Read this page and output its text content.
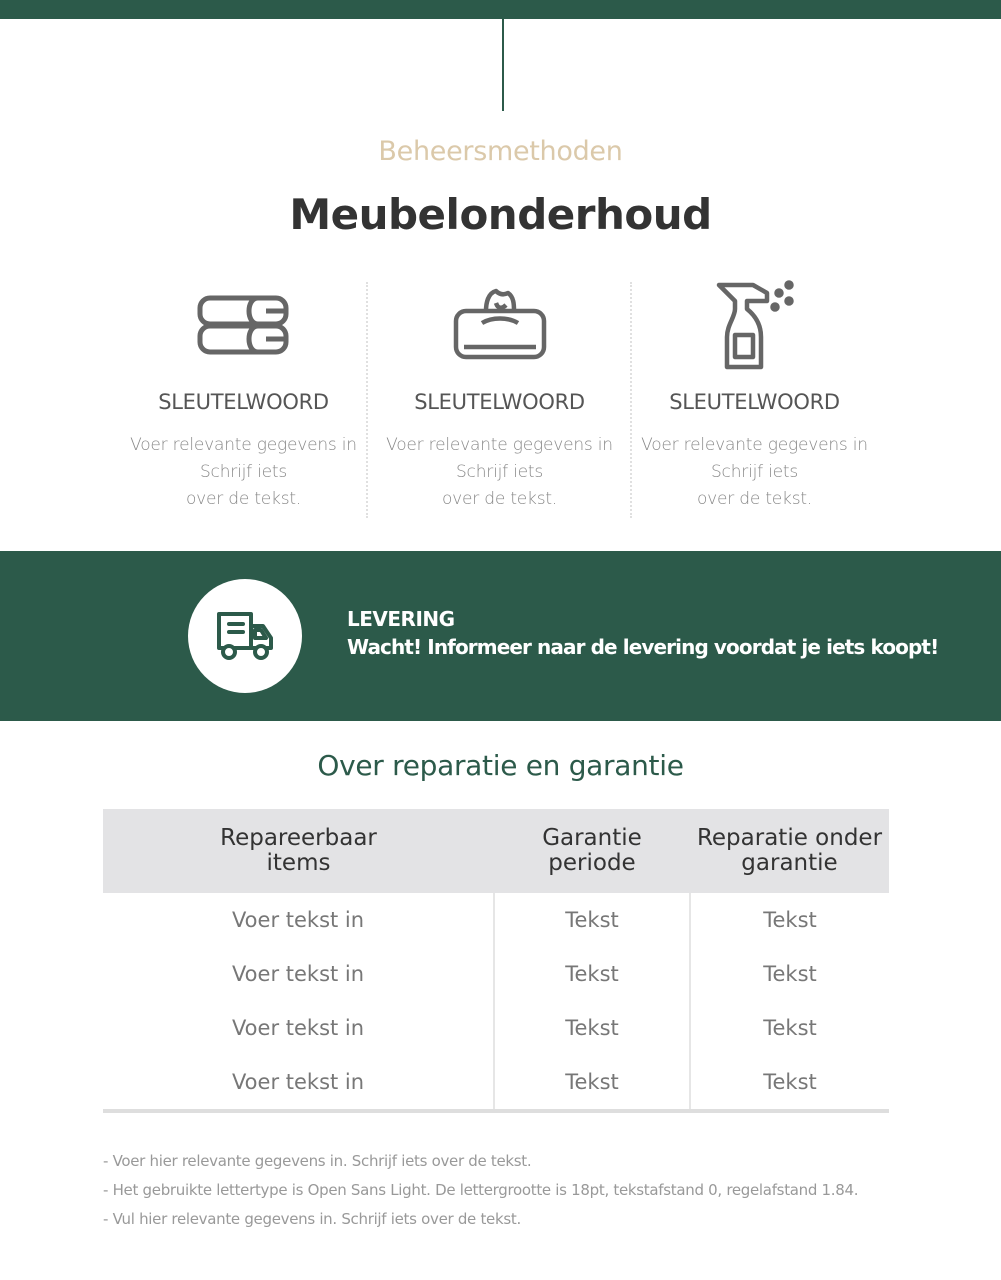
Beheersmethoden
Meubelonderhoud
SLEUTELWOORD
Voer relevante gegevens in
Schrijf iets
over de tekst.
SLEUTELWOORD
Voer relevante gegevens in
Schrijf iets
over de tekst.
SLEUTELWOORD
Voer relevante gegevens in
Schrijf iets
over de tekst.
LEVERING
Wacht! Informeer naar de levering voordat je iets koopt!
Over reparatie en garantie
Repareerbaar items	Garantie periode	Reparatie onder garantie
Voer tekst in	Tekst	Tekst
Voer tekst in	Tekst	Tekst
Voer tekst in	Tekst	Tekst
Voer tekst in	Tekst	Tekst
- Voer hier relevante gegevens in. Schrijf iets over de tekst.
- Het gebruikte lettertype is Open Sans Light. De lettergrootte is 18pt, tekstafstand 0, regelafstand 1.84.
- Vul hier relevante gegevens in. Schrijf iets over de tekst.
